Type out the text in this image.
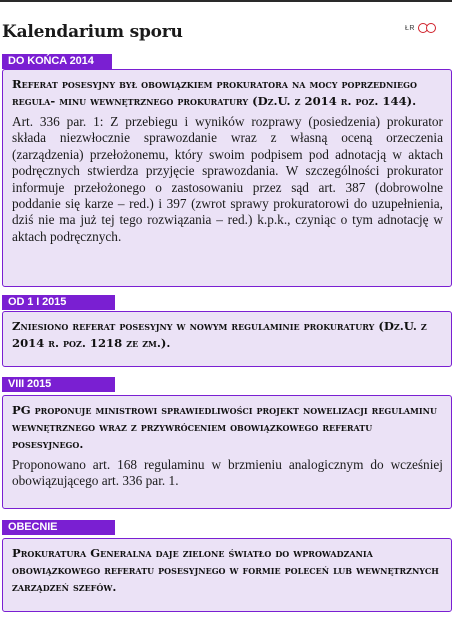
Kalendarium sporu	ŁR
DO KOŃCA 2014

Referat posesyjny był obowiązkiem prokuratora na mocy poprzedniego regula- minu wewnętrznego prokuratury (Dz.U. z 2014 r. poz. 144).

Art. 336 par. 1: Z przebiegu i wyników rozprawy (posiedzenia) prokurator składa niezwłocznie sprawozdanie wraz z własną oceną orzeczenia (zarządzenia) przełożonemu, który swoim podpisem pod adnotacją w aktach podręcznych stwierdza przyjęcie sprawozdania. W szczególności prokurator informuje przełożonego o zastosowaniu przez sąd art. 387 (dobrowolne poddanie się karze – red.) i 397 (zwrot sprawy prokuratorowi do uzupełnienia, dziś nie ma już tej tego rozwiązania – red.) k.p.k., czyniąc o tym adnotację w aktach podręcznych.

OD 1 I 2015

Zniesiono referat posesyjny w nowym regulaminie prokuratury (Dz.U. z 2014 r. poz. 1218 ze zm.).

VIII 2015

PG proponuje ministrowi sprawiedliwości projekt nowelizacji regulaminu wewnętrznego wraz z przywróceniem obowiązkowego referatu posesyjnego.

Proponowano art. 168 regulaminu w brzmieniu analogicznym do wcześniej obowiązującego art. 336 par. 1.

OBECNIE

Prokuratura Generalna daje zielone światło do wprowadzania obowiązkowego referatu posesyjnego w formie poleceń lub wewnętrznych zarządzeń szefów.
